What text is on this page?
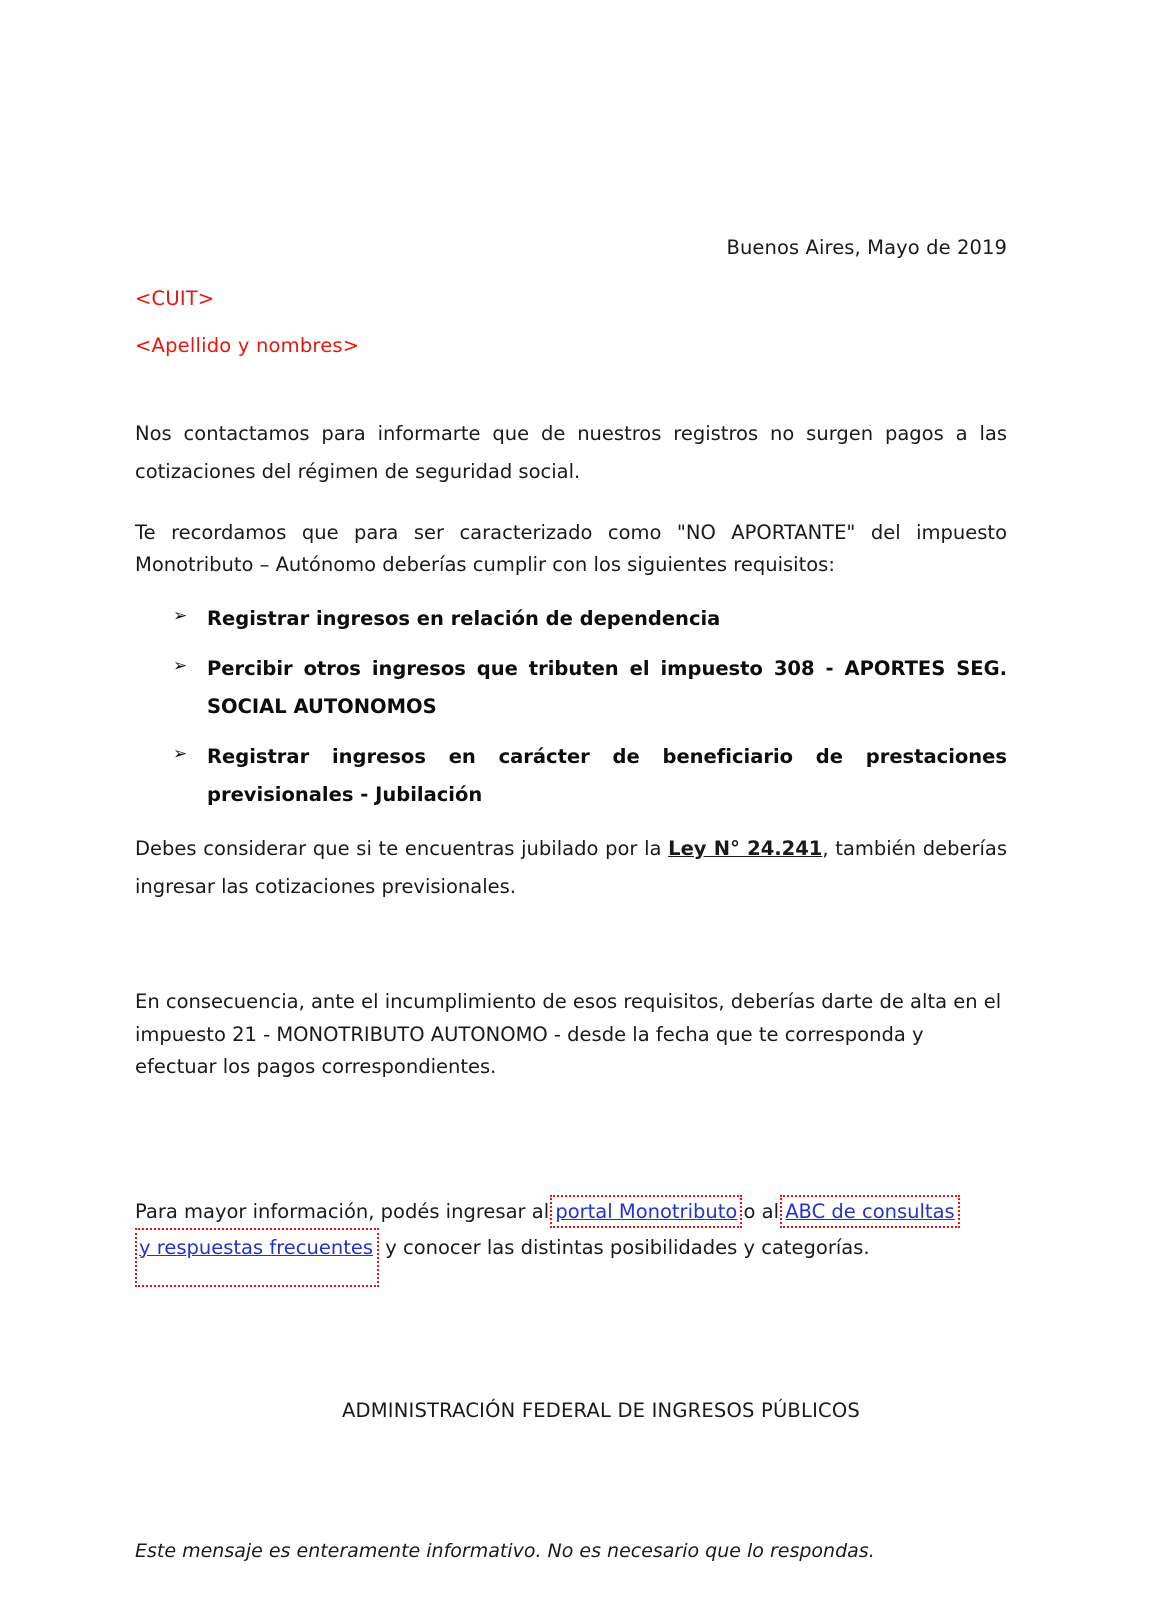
Buenos Aires, Mayo de 2019
<CUIT>
<Apellido y nombres>

Nos contactamos para informarte que de nuestros registros no surgen pagos a las cotizaciones del régimen de seguridad social.

Te recordamos que para ser caracterizado como "NO APORTANTE" del impuesto Monotributo – Autónomo deberías cumplir con los siguientes requisitos:

➢ Registrar ingresos en relación de dependencia
➢ Percibir otros ingresos que tributen el impuesto 308 - APORTES SEG. SOCIAL AUTONOMOS
➢ Registrar ingresos en carácter de beneficiario de prestaciones previsionales - Jubilación

Debes considerar que si te encuentras jubilado por la Ley N° 24.241, también deberías ingresar las cotizaciones previsionales.

En consecuencia, ante el incumplimiento de esos requisitos, deberías darte de alta en el impuesto 21 - MONOTRIBUTO AUTONOMO - desde la fecha que te corresponda y efectuar los pagos correspondientes.

Para mayor información, podés ingresar al portal Monotributo o al ABC de consultasy respuestas frecuentes y conocer las distintas posibilidades y categorías.

ADMINISTRACIÓN FEDERAL DE INGRESOS PÚBLICOS
Este mensaje es enteramente informativo. No es necesario que lo respondas.
